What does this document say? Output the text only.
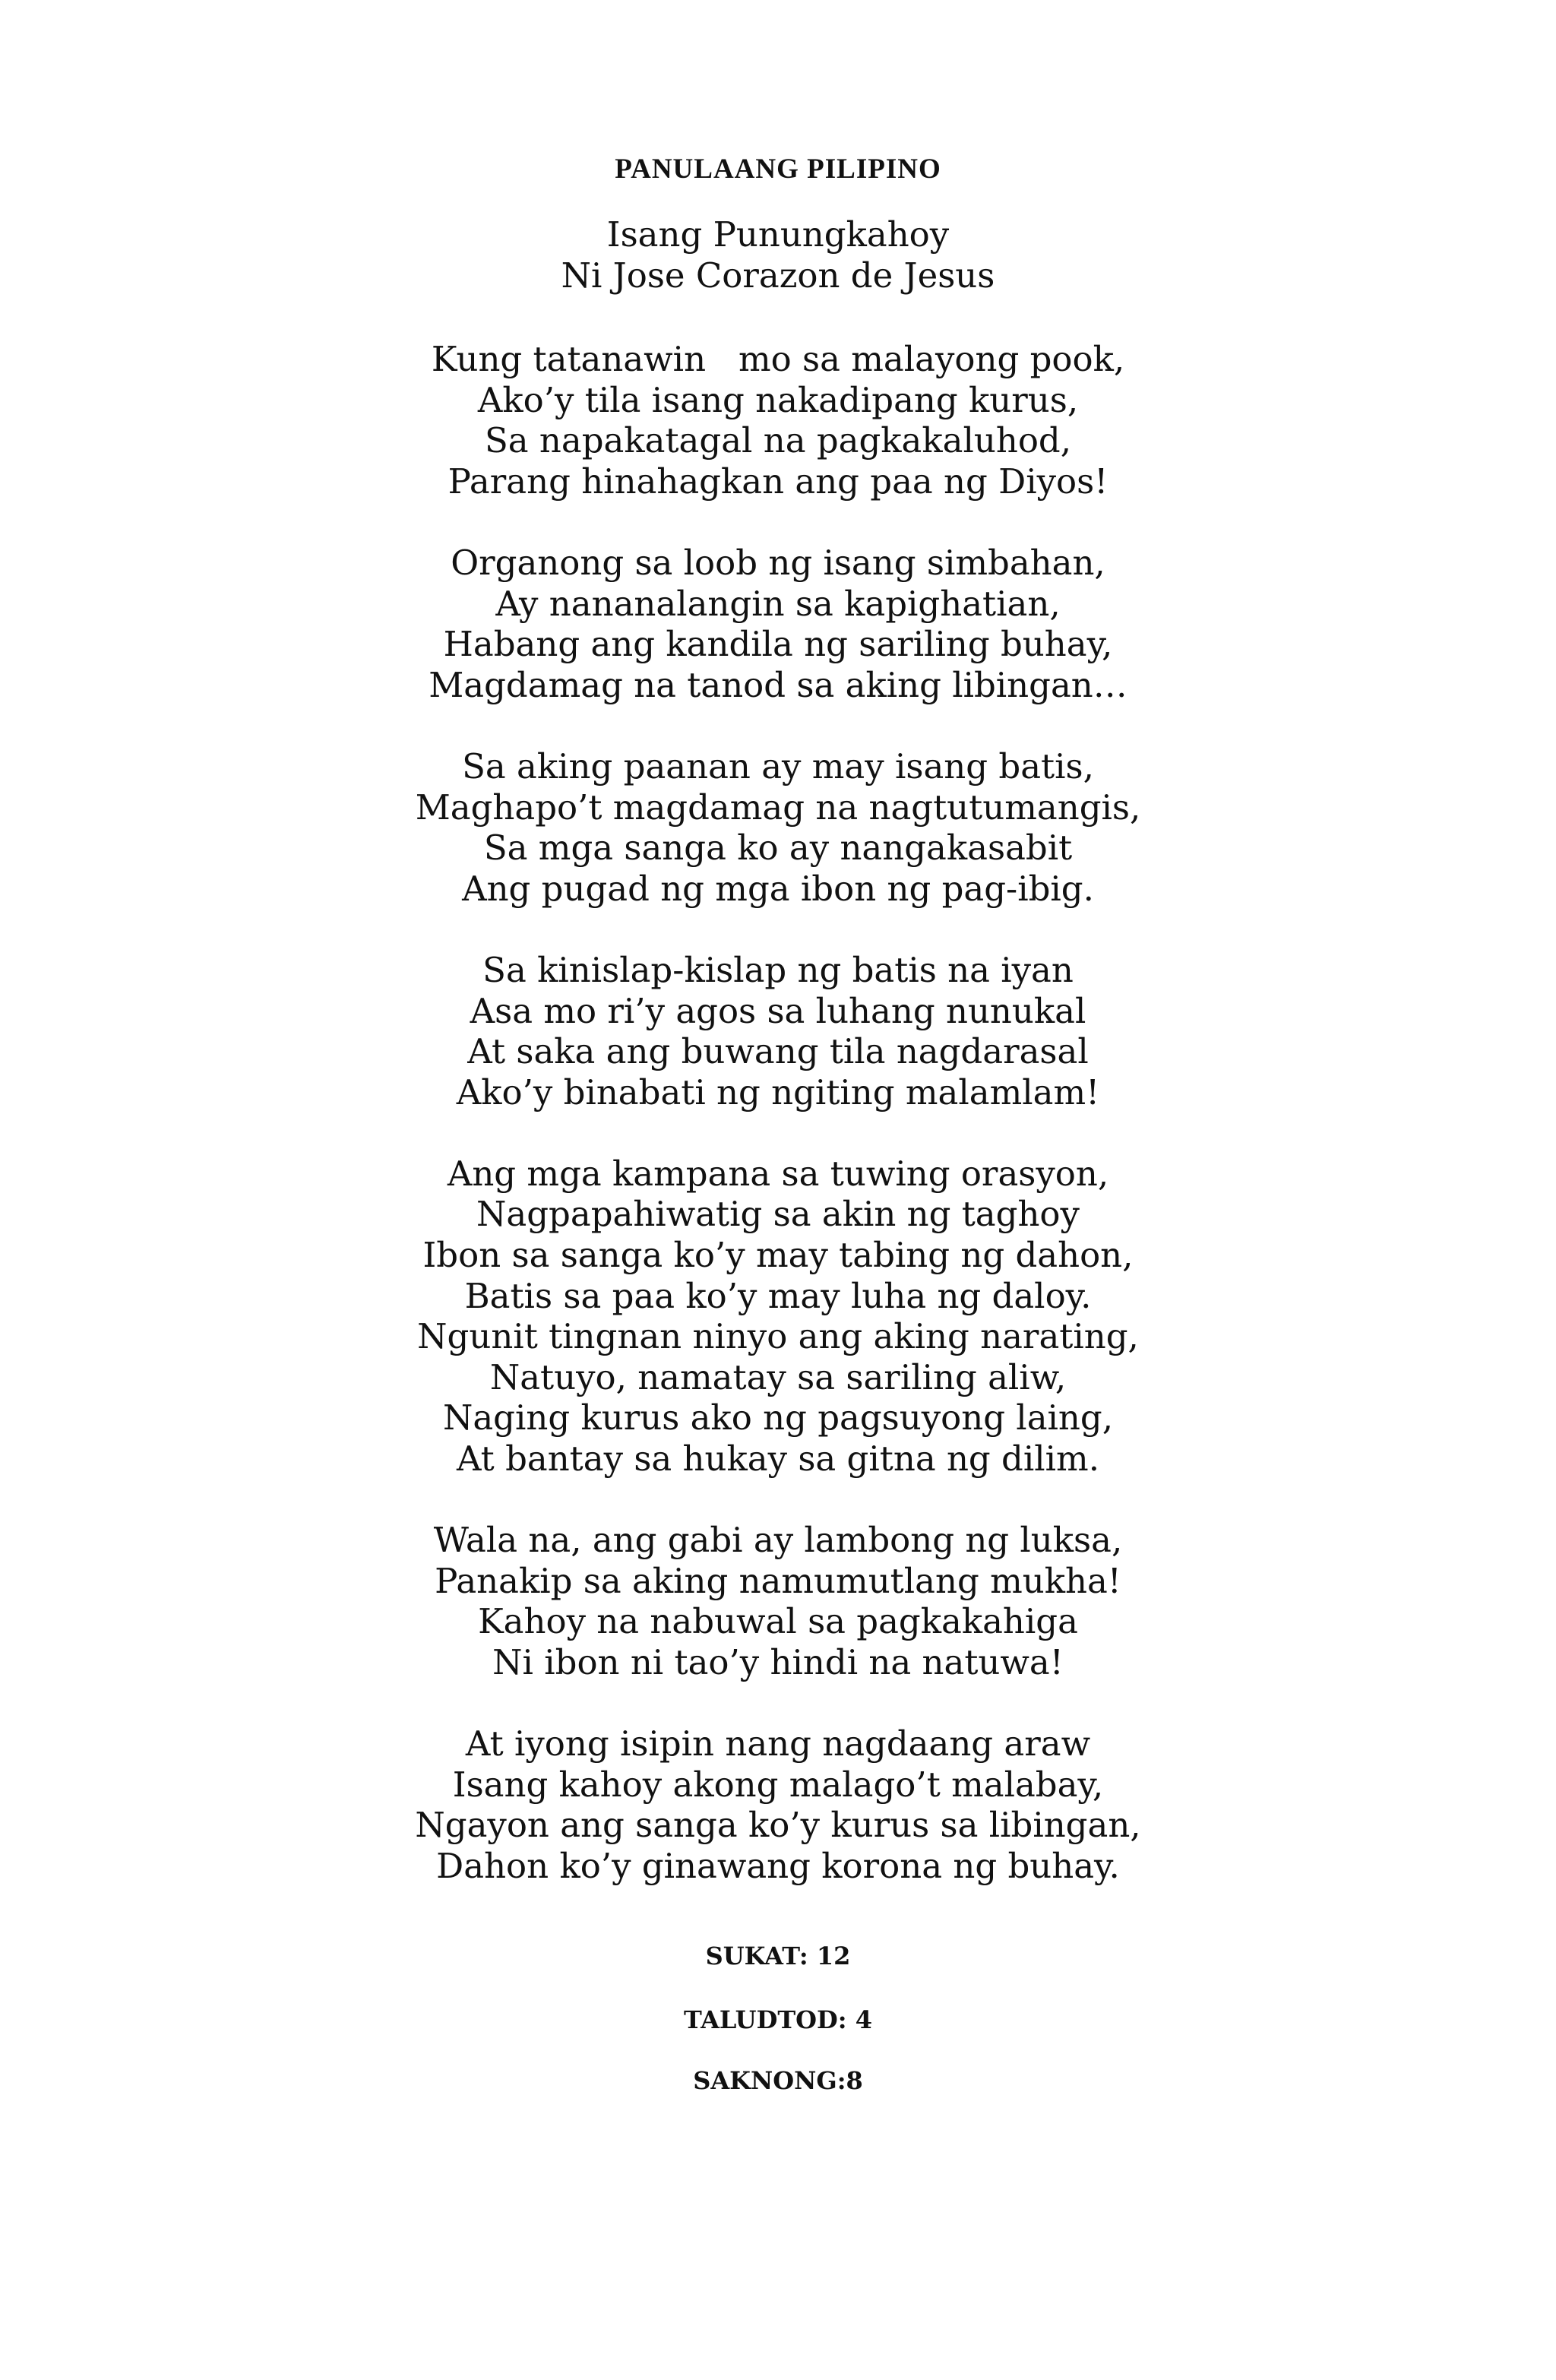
PANULAANG PILIPINO
Isang Punungkahoy
Ni Jose Corazon de Jesus
Kung tatanawin   mo sa malayong pook,
Ako’y tila isang nakadipang kurus,
Sa napakatagal na pagkakaluhod,
Parang hinahagkan ang paa ng Diyos!
Organong sa loob ng isang simbahan,
Ay nananalangin sa kapighatian,
Habang ang kandila ng sariling buhay,
Magdamag na tanod sa aking libingan…
Sa aking paanan ay may isang batis,
Maghapo’t magdamag na nagtutumangis,
Sa mga sanga ko ay nangakasabit
Ang pugad ng mga ibon ng pag-ibig.
Sa kinislap-kislap ng batis na iyan
Asa mo ri’y agos sa luhang nunukal
At saka ang buwang tila nagdarasal
Ako’y binabati ng ngiting malamlam!
Ang mga kampana sa tuwing orasyon,
Nagpapahiwatig sa akin ng taghoy
Ibon sa sanga ko’y may tabing ng dahon,
Batis sa paa ko’y may luha ng daloy.
Ngunit tingnan ninyo ang aking narating,
Natuyo, namatay sa sariling aliw,
Naging kurus ako ng pagsuyong laing,
At bantay sa hukay sa gitna ng dilim.
Wala na, ang gabi ay lambong ng luksa,
Panakip sa aking namumutlang mukha!
Kahoy na nabuwal sa pagkakahiga
Ni ibon ni tao’y hindi na natuwa!
At iyong isipin nang nagdaang araw
Isang kahoy akong malago’t malabay,
Ngayon ang sanga ko’y kurus sa libingan,
Dahon ko’y ginawang korona ng buhay.
SUKAT: 12
TALUDTOD: 4
SAKNONG:8
